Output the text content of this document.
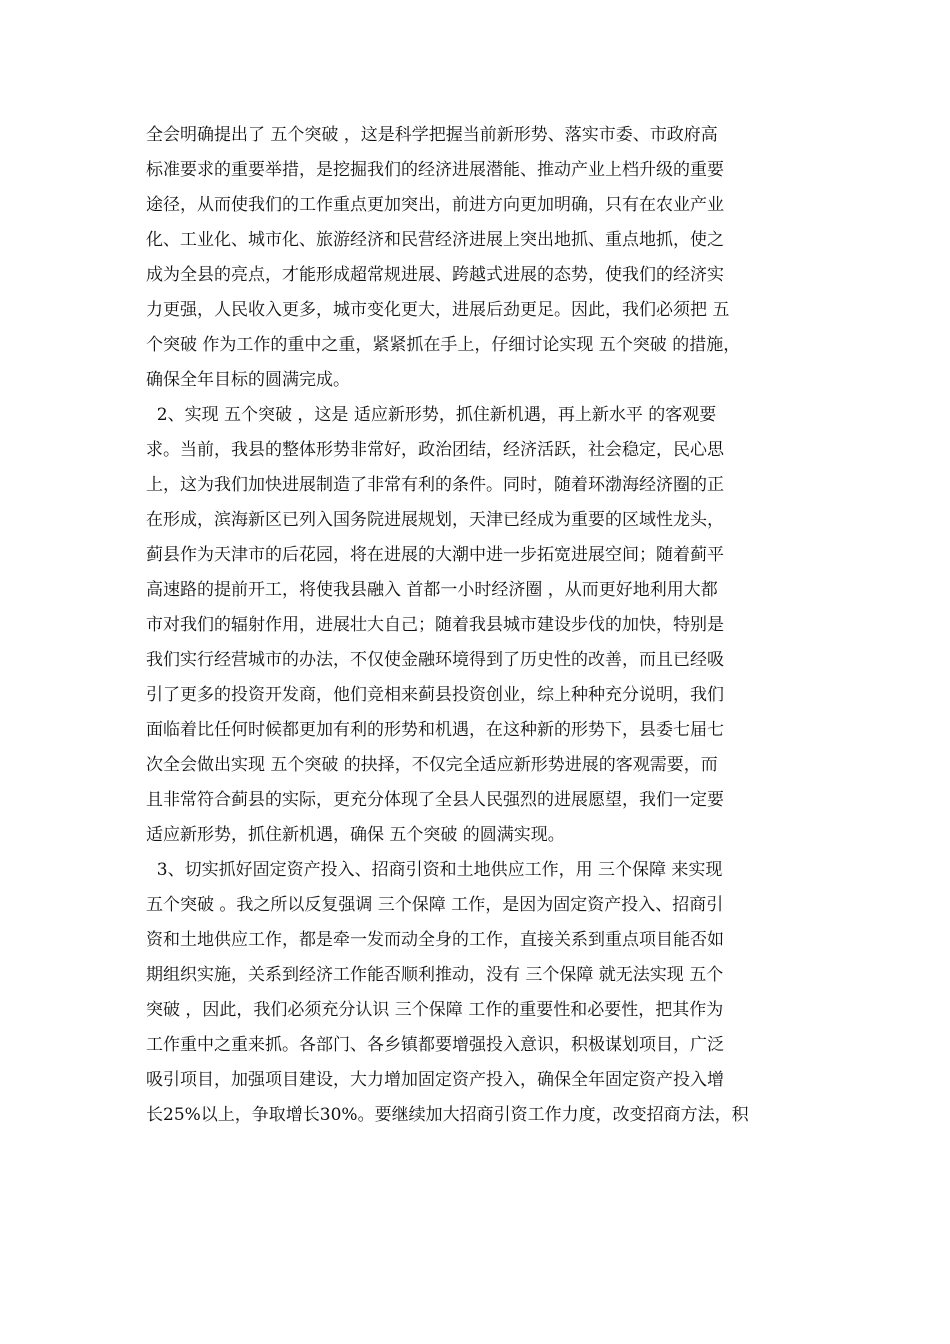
全会明确提出了 五个突破 ，这是科学把握当前新形势、落实市委、市政府高
标准要求的重要举措，是挖掘我们的经济进展潜能、推动产业上档升级的重要
途径，从而使我们的工作重点更加突出，前进方向更加明确，只有在农业产业
化、工业化、城市化、旅游经济和民营经济进展上突出地抓、重点地抓，使之
成为全县的亮点，才能形成超常规进展、跨越式进展的态势，使我们的经济实
力更强，人民收入更多，城市变化更大，进展后劲更足。因此，我们必须把 五
个突破 作为工作的重中之重，紧紧抓在手上，仔细讨论实现 五个突破 的措施，
确保全年目标的圆满完成。
2、实现 五个突破 ，这是 适应新形势，抓住新机遇，再上新水平 的客观要
求。当前，我县的整体形势非常好，政治团结，经济活跃，社会稳定，民心思
上，这为我们加快进展制造了非常有利的条件。同时，随着环渤海经济圈的正
在形成，滨海新区已列入国务院进展规划，天津已经成为重要的区域性龙头，
蓟县作为天津市的后花园，将在进展的大潮中进一步拓宽进展空间；随着蓟平
高速路的提前开工，将使我县融入 首都一小时经济圈 ，从而更好地利用大都
市对我们的辐射作用，进展壮大自己；随着我县城市建设步伐的加快，特别是
我们实行经营城市的办法，不仅使金融环境得到了历史性的改善，而且已经吸
引了更多的投资开发商，他们竞相来蓟县投资创业，综上种种充分说明，我们
面临着比任何时候都更加有利的形势和机遇，在这种新的形势下，县委七届七
次全会做出实现 五个突破 的抉择，不仅完全适应新形势进展的客观需要，而
且非常符合蓟县的实际，更充分体现了全县人民强烈的进展愿望，我们一定要
适应新形势，抓住新机遇，确保 五个突破 的圆满实现。
3、切实抓好固定资产投入、招商引资和土地供应工作，用 三个保障 来实现
五个突破 。我之所以反复强调 三个保障 工作，是因为固定资产投入、招商引
资和土地供应工作，都是牵一发而动全身的工作，直接关系到重点项目能否如
期组织实施，关系到经济工作能否顺利推动，没有 三个保障 就无法实现 五个
突破 ，因此，我们必须充分认识 三个保障 工作的重要性和必要性，把其作为
工作重中之重来抓。各部门、各乡镇都要增强投入意识，积极谋划项目，广泛
吸引项目，加强项目建设，大力增加固定资产投入，确保全年固定资产投入增
长25%以上，争取增长30%。要继续加大招商引资工作力度，改变招商方法，积
